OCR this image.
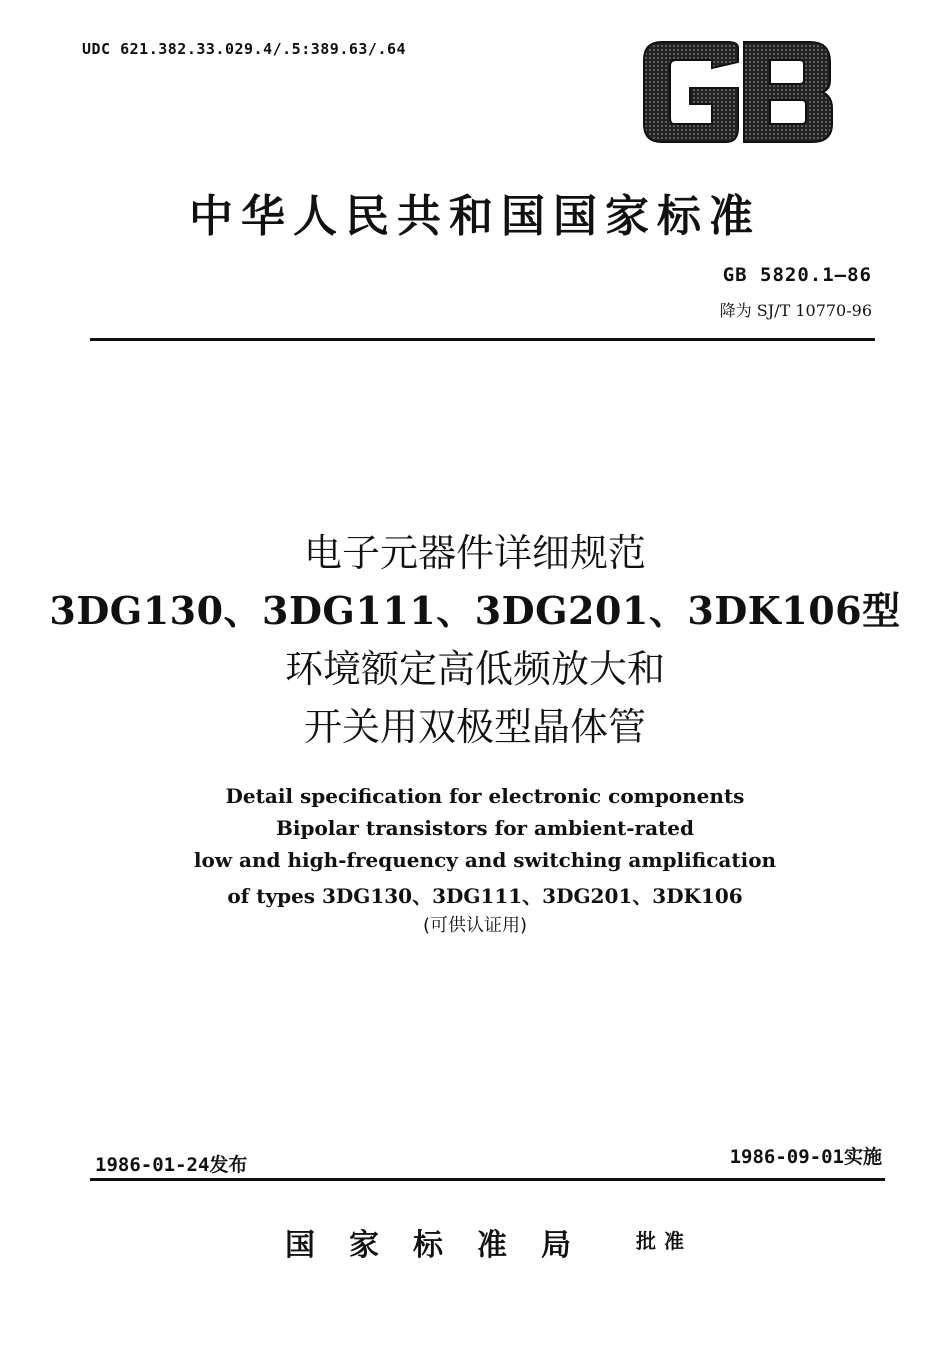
UDC 621.382.33.029.4/.5:389.63/.64
中华人民共和国国家标准
GB 5820.1—86
降为 SJ/T 10770-96
电子元器件详细规范
3DG130、3DG111、3DG201、3DK106型
环境额定高低频放大和
开关用双极型晶体管
Detail specification for electronic components
Bipolar transistors for ambient-rated
low and high-frequency and switching amplification
of types 3DG130、3DG111、3DG201、3DK106
(可供认证用)
1986-01-24发布	1986-09-01实施
国家标准局 批准
